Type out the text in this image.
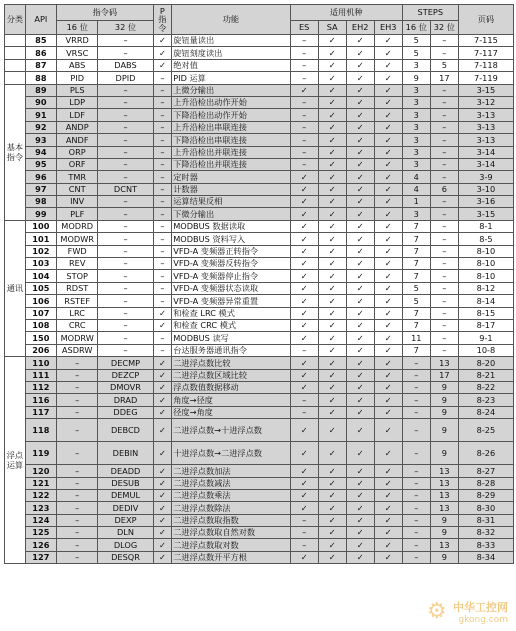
分类	API	指令码		P 指令	功能	适用机种				STEPS		页码
		16 位	32 位			ES	SA	EH2	EH3	16 位	32 位	
	85	VRRD	–	✓	旋钮量读出	–	✓	✓	✓	5	–	7-115
	86	VRSC	–	✓	旋钮刻度读出	–	✓	✓	✓	5	–	7-117
	87	ABS	DABS	✓	绝对值	–	✓	✓	✓	3	5	7-118
	88	PID	DPID	–	PID 运算	–	✓	✓	✓	9	17	7-119
基本指令	89	PLS	–	–	上微分输出	✓	✓	✓	✓	3	–	3-15
	90	LDP	–	–	上升沿检出动作开始	–	✓	✓	✓	3	–	3-12
	91	LDF	–	–	下降沿检出动作开始	–	✓	✓	✓	3	–	3-13
	92	ANDP	–	–	上升沿检出串联连接	–	✓	✓	✓	3	–	3-13
	93	ANDF	–	–	下降沿检出串联连接	–	✓	✓	✓	3	–	3-13
	94	ORP	–	–	上升沿检出并联连接	–	✓	✓	✓	3	–	3-14
	95	ORF	–	–	下降沿检出并联连接	–	✓	✓	✓	3	–	3-14
	96	TMR	–	–	定时器	✓	✓	✓	✓	4	–	3-9
	97	CNT	DCNT	–	计数器	✓	✓	✓	✓	4	6	3-10
	98	INV	–	–	运算结果反相	✓	✓	✓	✓	1	–	3-16
	99	PLF	–	–	下微分输出	✓	✓	✓	✓	3	–	3-15
通讯	100	MODRD	–	–	MODBUS 数据读取	✓	✓	✓	✓	7	–	8-1
	101	MODWR	–	–	MODBUS 资料写入	✓	✓	✓	✓	7	–	8-5
	102	FWD	–	–	VFD-A 变频器正转指令	✓	✓	✓	✓	7	–	8-10
	103	REV	–	–	VFD-A 变频器反转指令	✓	✓	✓	✓	7	–	8-10
	104	STOP	–	–	VFD-A 变频器停止指令	✓	✓	✓	✓	7	–	8-10
	105	RDST	–	–	VFD-A 变频器状态读取	✓	✓	✓	✓	5	–	8-12
	106	RSTEF	–	–	VFD-A 变频器异常重置	✓	✓	✓	✓	5	–	8-14
	107	LRC	–	✓	和检查 LRC 模式	✓	✓	✓	✓	7	–	8-15
	108	CRC	–	✓	和检查 CRC 模式	✓	✓	✓	✓	7	–	8-17
	150	MODRW	–	–	MODBUS 读写	✓	✓	✓	✓	11	–	9-1
	206	ASDRW	–	–	台达服务器通讯指令	–	✓	✓	✓	7	–	10-8
浮点运算	110	–	DECMP	✓	二进浮点数比较	✓	✓	✓	✓	–	13	8-20
	111	–	DEZCP	✓	二进浮点数区域比较	✓	✓	✓	✓	–	17	8-21
	112	–	DMOVR	✓	浮点数值数据移动	✓	✓	✓	✓	–	9	8-22
	116	–	DRAD	✓	角度→径度	–	✓	✓	✓	–	9	8-23
	117	–	DDEG	✓	径度→角度	–	✓	✓	✓	–	9	8-24
	118	–	DEBCD	✓	二进浮点数→十进浮点数	✓	✓	✓	✓	–	9	8-25
	119	–	DEBIN	✓	十进浮点数→二进浮点数	✓	✓	✓	✓	–	9	8-26
	120	–	DEADD	✓	二进浮点数加法	✓	✓	✓	✓	–	13	8-27
	121	–	DESUB	✓	二进浮点数减法	✓	✓	✓	✓	–	13	8-28
	122	–	DEMUL	✓	二进浮点数乘法	✓	✓	✓	✓	–	13	8-29
	123	–	DEDIV	✓	二进浮点数除法	✓	✓	✓	✓	–	13	8-30
	124	–	DEXP	✓	二进浮点数取指数	–	✓	✓	✓	–	9	8-31
	125	–	DLN	✓	二进浮点数取自然对数	–	✓	✓	✓	–	9	8-32
	126	–	DLOG	✓	二进浮点数取对数	–	✓	✓	✓	–	13	8-33
	127	–	DESQR	✓	二进浮点数开平方根	✓	✓	✓	✓	–	9	8-34
⚙ 中华工控网
gkong.com
